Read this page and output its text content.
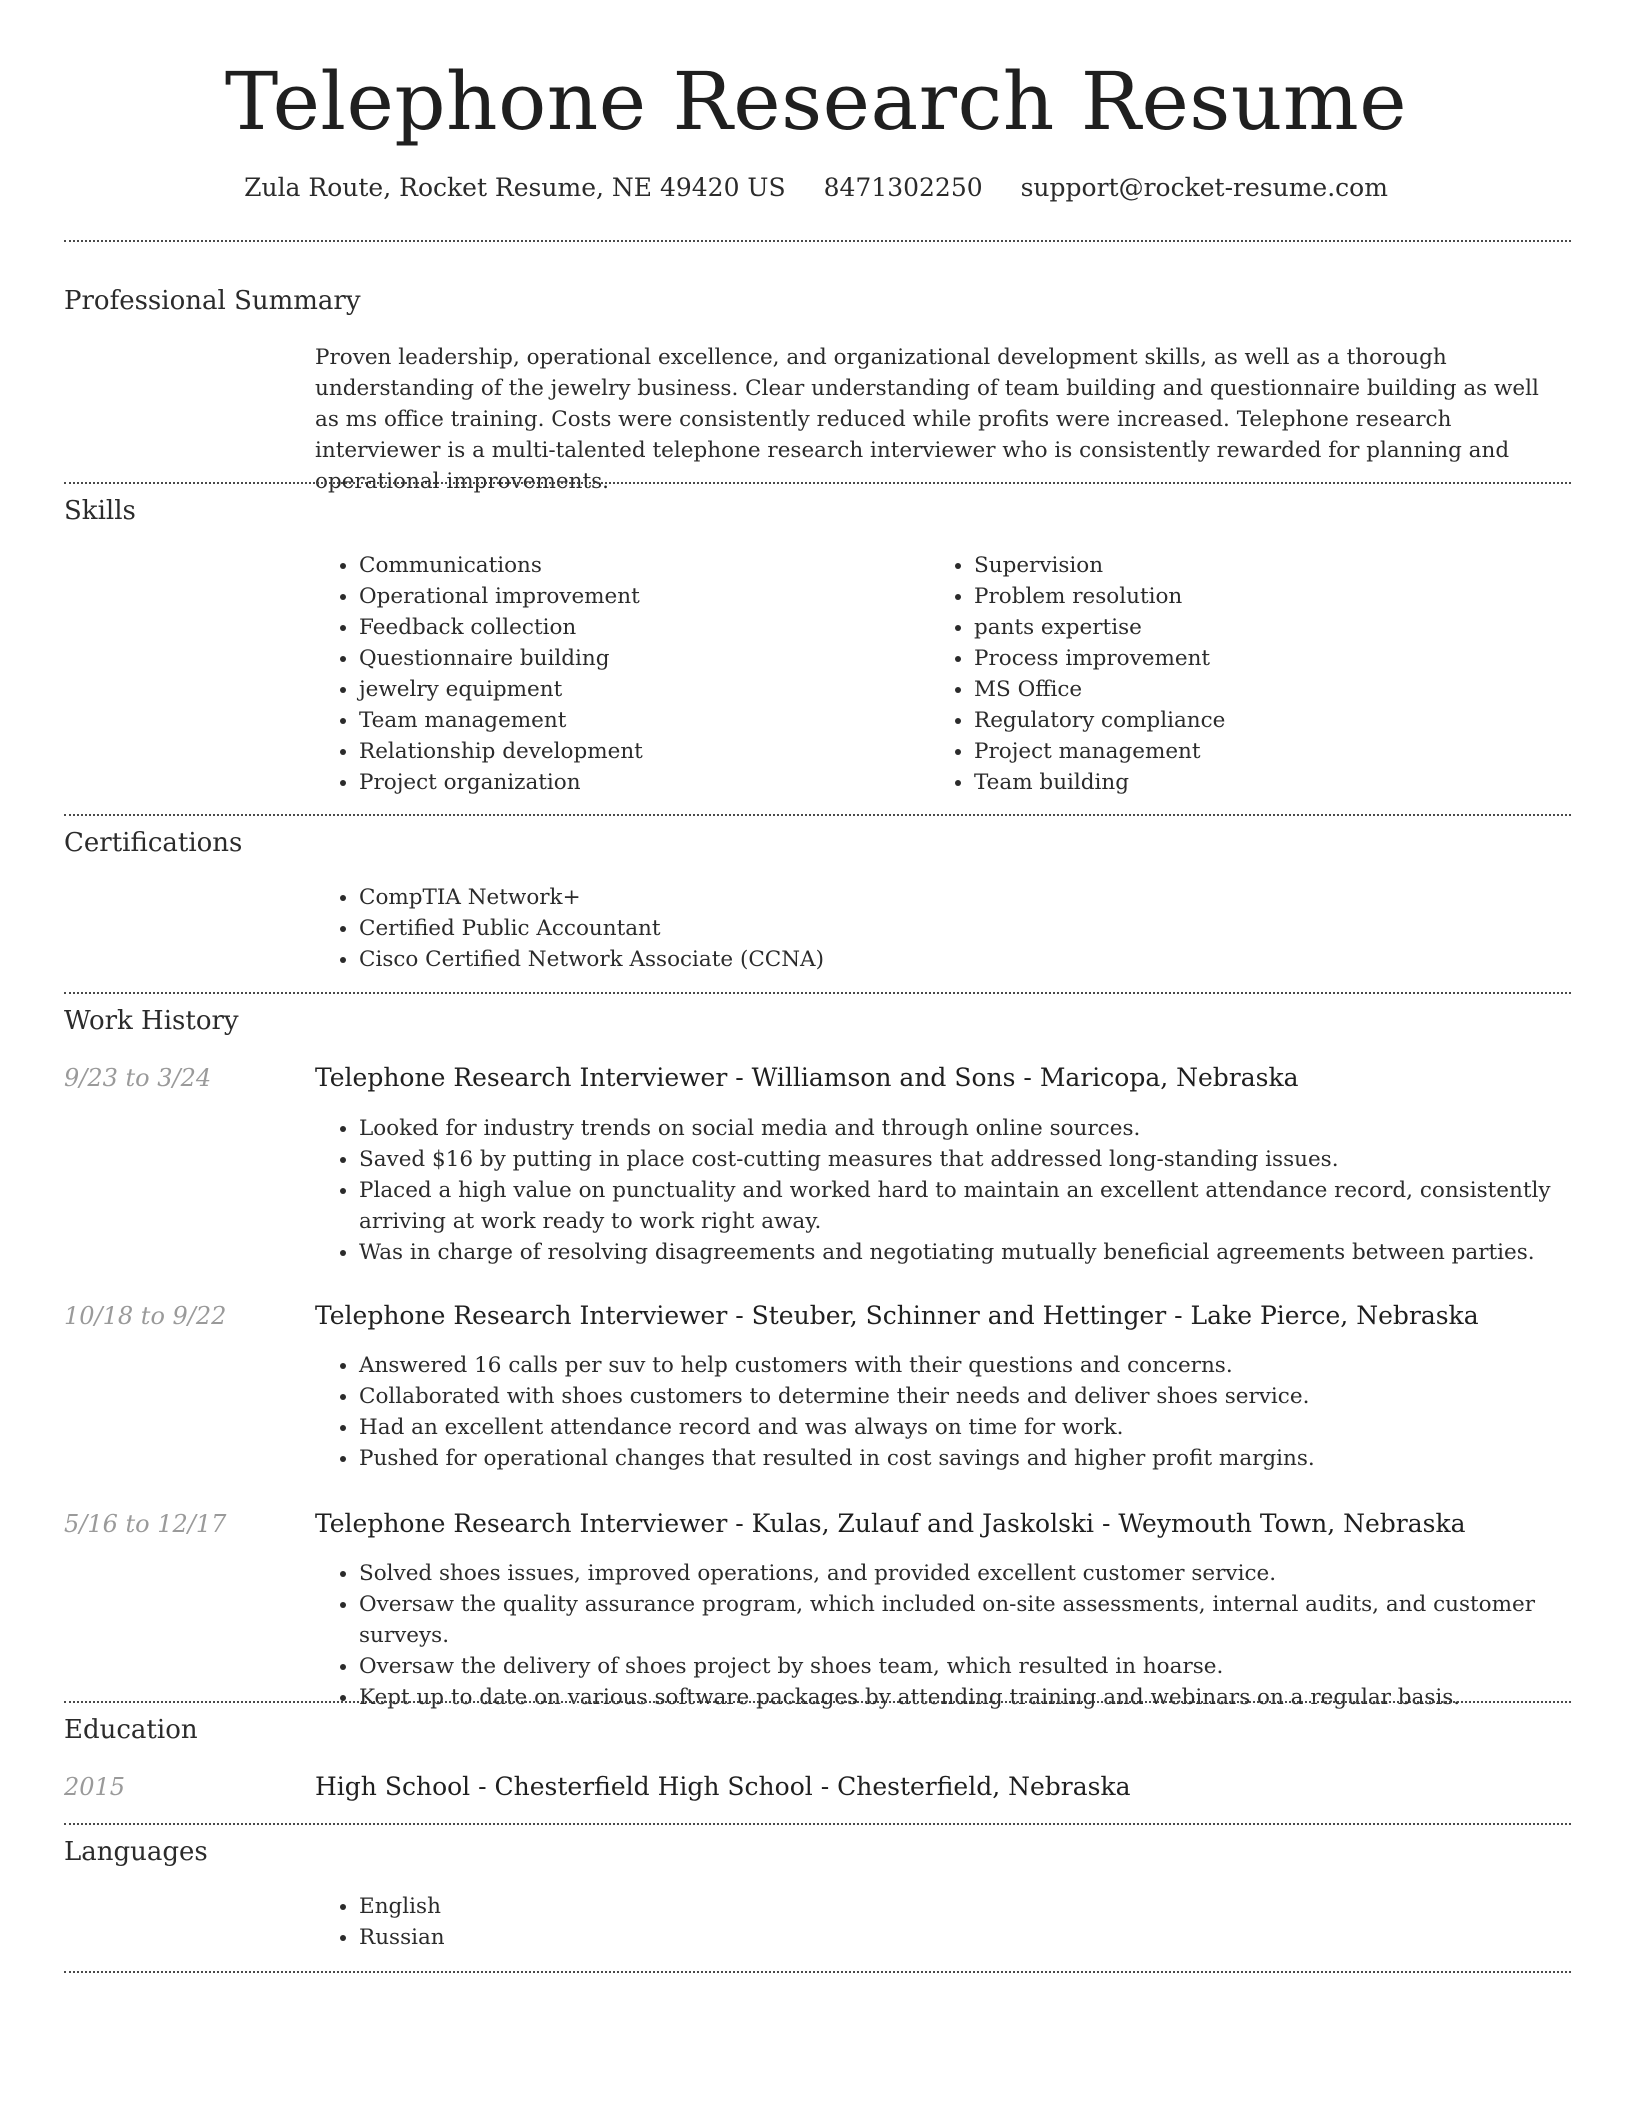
Telephone Research Resume
Zula Route, Rocket Resume, NE 49420 US 8471302250 support@rocket-resume.com
Professional Summary

Proven leadership, operational excellence, and organizational development skills, as well as a thorough understanding of the jewelry business. Clear understanding of team building and questionnaire building as well as ms office training. Costs were consistently reduced while profits were increased. Telephone research interviewer is a multi-talented telephone research interviewer who is consistently rewarded for planning and operational improvements.

Skills
• Communications
• Operational improvement
• Feedback collection
• Questionnaire building
• jewelry equipment
• Team management
• Relationship development
• Project organization
• Supervision
• Problem resolution
• pants expertise
• Process improvement
• MS Office
• Regulatory compliance
• Project management
• Team building
Certifications
• CompTIA Network+
• Certified Public Accountant
• Cisco Certified Network Associate (CCNA)
Work History
9/23 to 3/24	Telephone Research Interviewer - Williamson and Sons - Maricopa, Nebraska
• Looked for industry trends on social media and through online sources.
• Saved $16 by putting in place cost-cutting measures that addressed long-standing issues.
• Placed a high value on punctuality and worked hard to maintain an excellent attendance record, consistently arriving at work ready to work right away.
• Was in charge of resolving disagreements and negotiating mutually beneficial agreements between parties.
10/18 to 9/22	Telephone Research Interviewer - Steuber, Schinner and Hettinger - Lake Pierce, Nebraska
• Answered 16 calls per suv to help customers with their questions and concerns.
• Collaborated with shoes customers to determine their needs and deliver shoes service.
• Had an excellent attendance record and was always on time for work.
• Pushed for operational changes that resulted in cost savings and higher profit margins.
5/16 to 12/17	Telephone Research Interviewer - Kulas, Zulauf and Jaskolski - Weymouth Town, Nebraska
• Solved shoes issues, improved operations, and provided excellent customer service.
• Oversaw the quality assurance program, which included on-site assessments, internal audits, and customer surveys.
• Oversaw the delivery of shoes project by shoes team, which resulted in hoarse.
• Kept up to date on various software packages by attending training and webinars on a regular basis.
Education
2015	High School - Chesterfield High School - Chesterfield, Nebraska
Languages
• English
• Russian
